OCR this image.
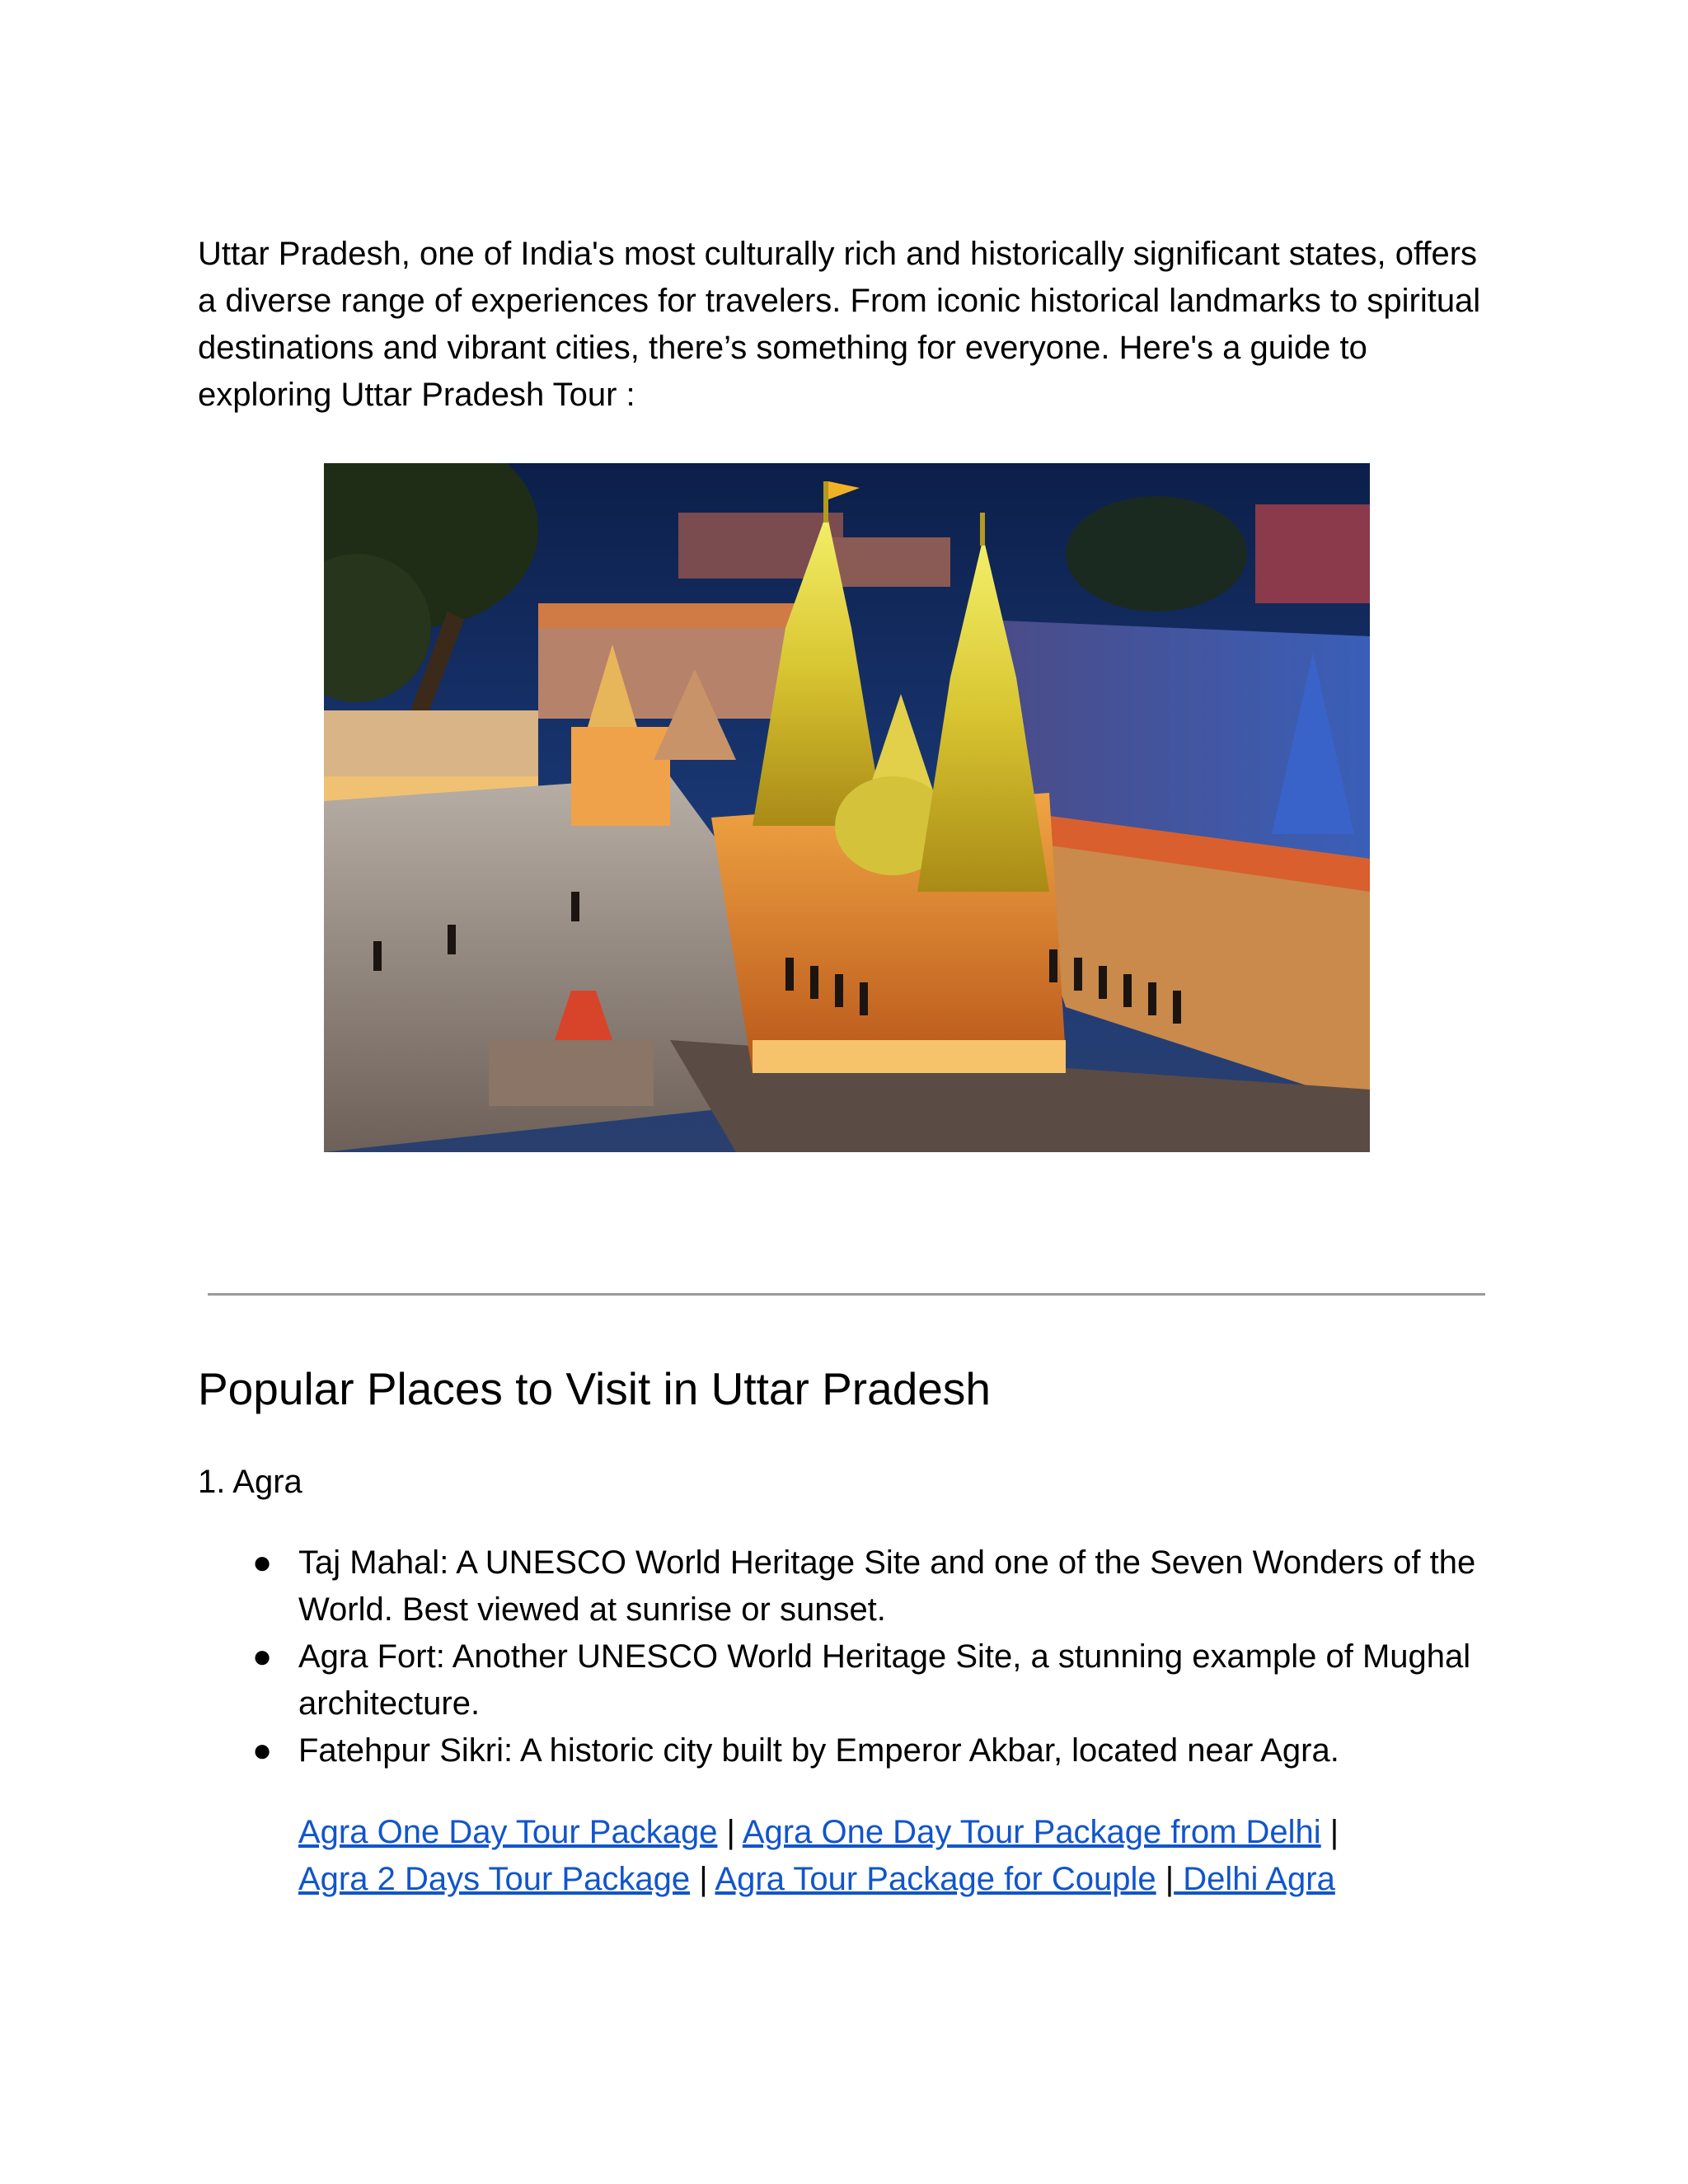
Uttar Pradesh, one of India's most culturally rich and historically significant states, offers a diverse range of experiences for travelers. From iconic historical landmarks to spiritual destinations and vibrant cities, there’s something for everyone. Here's a guide to exploring Uttar Pradesh Tour :

Popular Places to Visit in Uttar Pradesh

1. Agra

● Taj Mahal: A UNESCO World Heritage Site and one of the Seven Wonders of the World. Best viewed at sunrise or sunset.
● Agra Fort: Another UNESCO World Heritage Site, a stunning example of Mughal architecture.
● Fatehpur Sikri: A historic city built by Emperor Akbar, located near Agra.

Agra One Day Tour Package | Agra One Day Tour Package from Delhi |
Agra 2 Days Tour Package | Agra Tour Package for Couple | Delhi Agra
